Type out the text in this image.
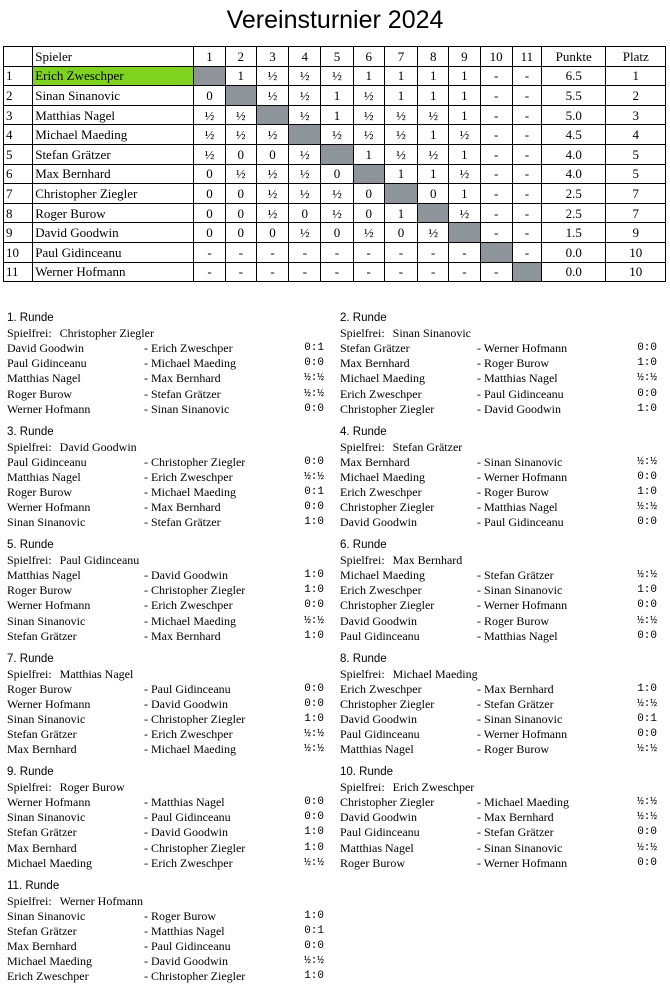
Vereinsturnier 2024
	Spieler	1	2	3	4	5	6	7	8	9	10	11	Punkte	Platz
1	Erich Zweschper		1	½	½	½	1	1	1	1	-	-	6.5	1
2	Sinan Sinanovic	0		½	½	1	½	1	1	1	-	-	5.5	2
3	Matthias Nagel	½	½		½	1	½	½	½	1	-	-	5.0	3
4	Michael Maeding	½	½	½		½	½	½	1	½	-	-	4.5	4
5	Stefan Grätzer	½	0	0	½		1	½	½	1	-	-	4.0	5
6	Max Bernhard	0	½	½	½	0		1	1	½	-	-	4.0	5
7	Christopher Ziegler	0	0	½	½	½	0		0	1	-	-	2.5	7
8	Roger Burow	0	0	½	0	½	0	1		½	-	-	2.5	7
9	David Goodwin	0	0	0	½	0	½	0	½		-	-	1.5	9
10	Paul Gidinceanu	-	-	-	-	-	-	-	-	-		-	0.0	10
11	Werner Hofmann	-	-	-	-	-	-	-	-	-	-		0.0	10
1. Runde
Spielfrei: Christopher Ziegler
David Goodwin	- Erich Zweschper	0:1
Paul Gidinceanu	- Michael Maeding	0:0
Matthias Nagel	- Max Bernhard	½:½
Roger Burow	- Stefan Grätzer	½:½
Werner Hofmann	- Sinan Sinanovic	0:0
2. Runde
Spielfrei: Sinan Sinanovic
Stefan Grätzer	- Werner Hofmann	0:0
Max Bernhard	- Roger Burow	1:0
Michael Maeding	- Matthias Nagel	½:½
Erich Zweschper	- Paul Gidinceanu	0:0
Christopher Ziegler	- David Goodwin	1:0
3. Runde
Spielfrei: David Goodwin
Paul Gidinceanu	- Christopher Ziegler	0:0
Matthias Nagel	- Erich Zweschper	½:½
Roger Burow	- Michael Maeding	0:1
Werner Hofmann	- Max Bernhard	0:0
Sinan Sinanovic	- Stefan Grätzer	1:0
4. Runde
Spielfrei: Stefan Grätzer
Max Bernhard	- Sinan Sinanovic	½:½
Michael Maeding	- Werner Hofmann	0:0
Erich Zweschper	- Roger Burow	1:0
Christopher Ziegler	- Matthias Nagel	½:½
David Goodwin	- Paul Gidinceanu	0:0
5. Runde
Spielfrei: Paul Gidinceanu
Matthias Nagel	- David Goodwin	1:0
Roger Burow	- Christopher Ziegler	1:0
Werner Hofmann	- Erich Zweschper	0:0
Sinan Sinanovic	- Michael Maeding	½:½
Stefan Grätzer	- Max Bernhard	1:0
6. Runde
Spielfrei: Max Bernhard
Michael Maeding	- Stefan Grätzer	½:½
Erich Zweschper	- Sinan Sinanovic	1:0
Christopher Ziegler	- Werner Hofmann	0:0
David Goodwin	- Roger Burow	½:½
Paul Gidinceanu	- Matthias Nagel	0:0
7. Runde
Spielfrei: Matthias Nagel
Roger Burow	- Paul Gidinceanu	0:0
Werner Hofmann	- David Goodwin	0:0
Sinan Sinanovic	- Christopher Ziegler	1:0
Stefan Grätzer	- Erich Zweschper	½:½
Max Bernhard	- Michael Maeding	½:½
8. Runde
Spielfrei: Michael Maeding
Erich Zweschper	- Max Bernhard	1:0
Christopher Ziegler	- Stefan Grätzer	½:½
David Goodwin	- Sinan Sinanovic	0:1
Paul Gidinceanu	- Werner Hofmann	0:0
Matthias Nagel	- Roger Burow	½:½
9. Runde
Spielfrei: Roger Burow
Werner Hofmann	- Matthias Nagel	0:0
Sinan Sinanovic	- Paul Gidinceanu	0:0
Stefan Grätzer	- David Goodwin	1:0
Max Bernhard	- Christopher Ziegler	1:0
Michael Maeding	- Erich Zweschper	½:½
10. Runde
Spielfrei: Erich Zweschper
Christopher Ziegler	- Michael Maeding	½:½
David Goodwin	- Max Bernhard	½:½
Paul Gidinceanu	- Stefan Grätzer	0:0
Matthias Nagel	- Sinan Sinanovic	½:½
Roger Burow	- Werner Hofmann	0:0
11. Runde
Spielfrei: Werner Hofmann
Sinan Sinanovic	- Roger Burow	1:0
Stefan Grätzer	- Matthias Nagel	0:1
Max Bernhard	- Paul Gidinceanu	0:0
Michael Maeding	- David Goodwin	½:½
Erich Zweschper	- Christopher Ziegler	1:0
